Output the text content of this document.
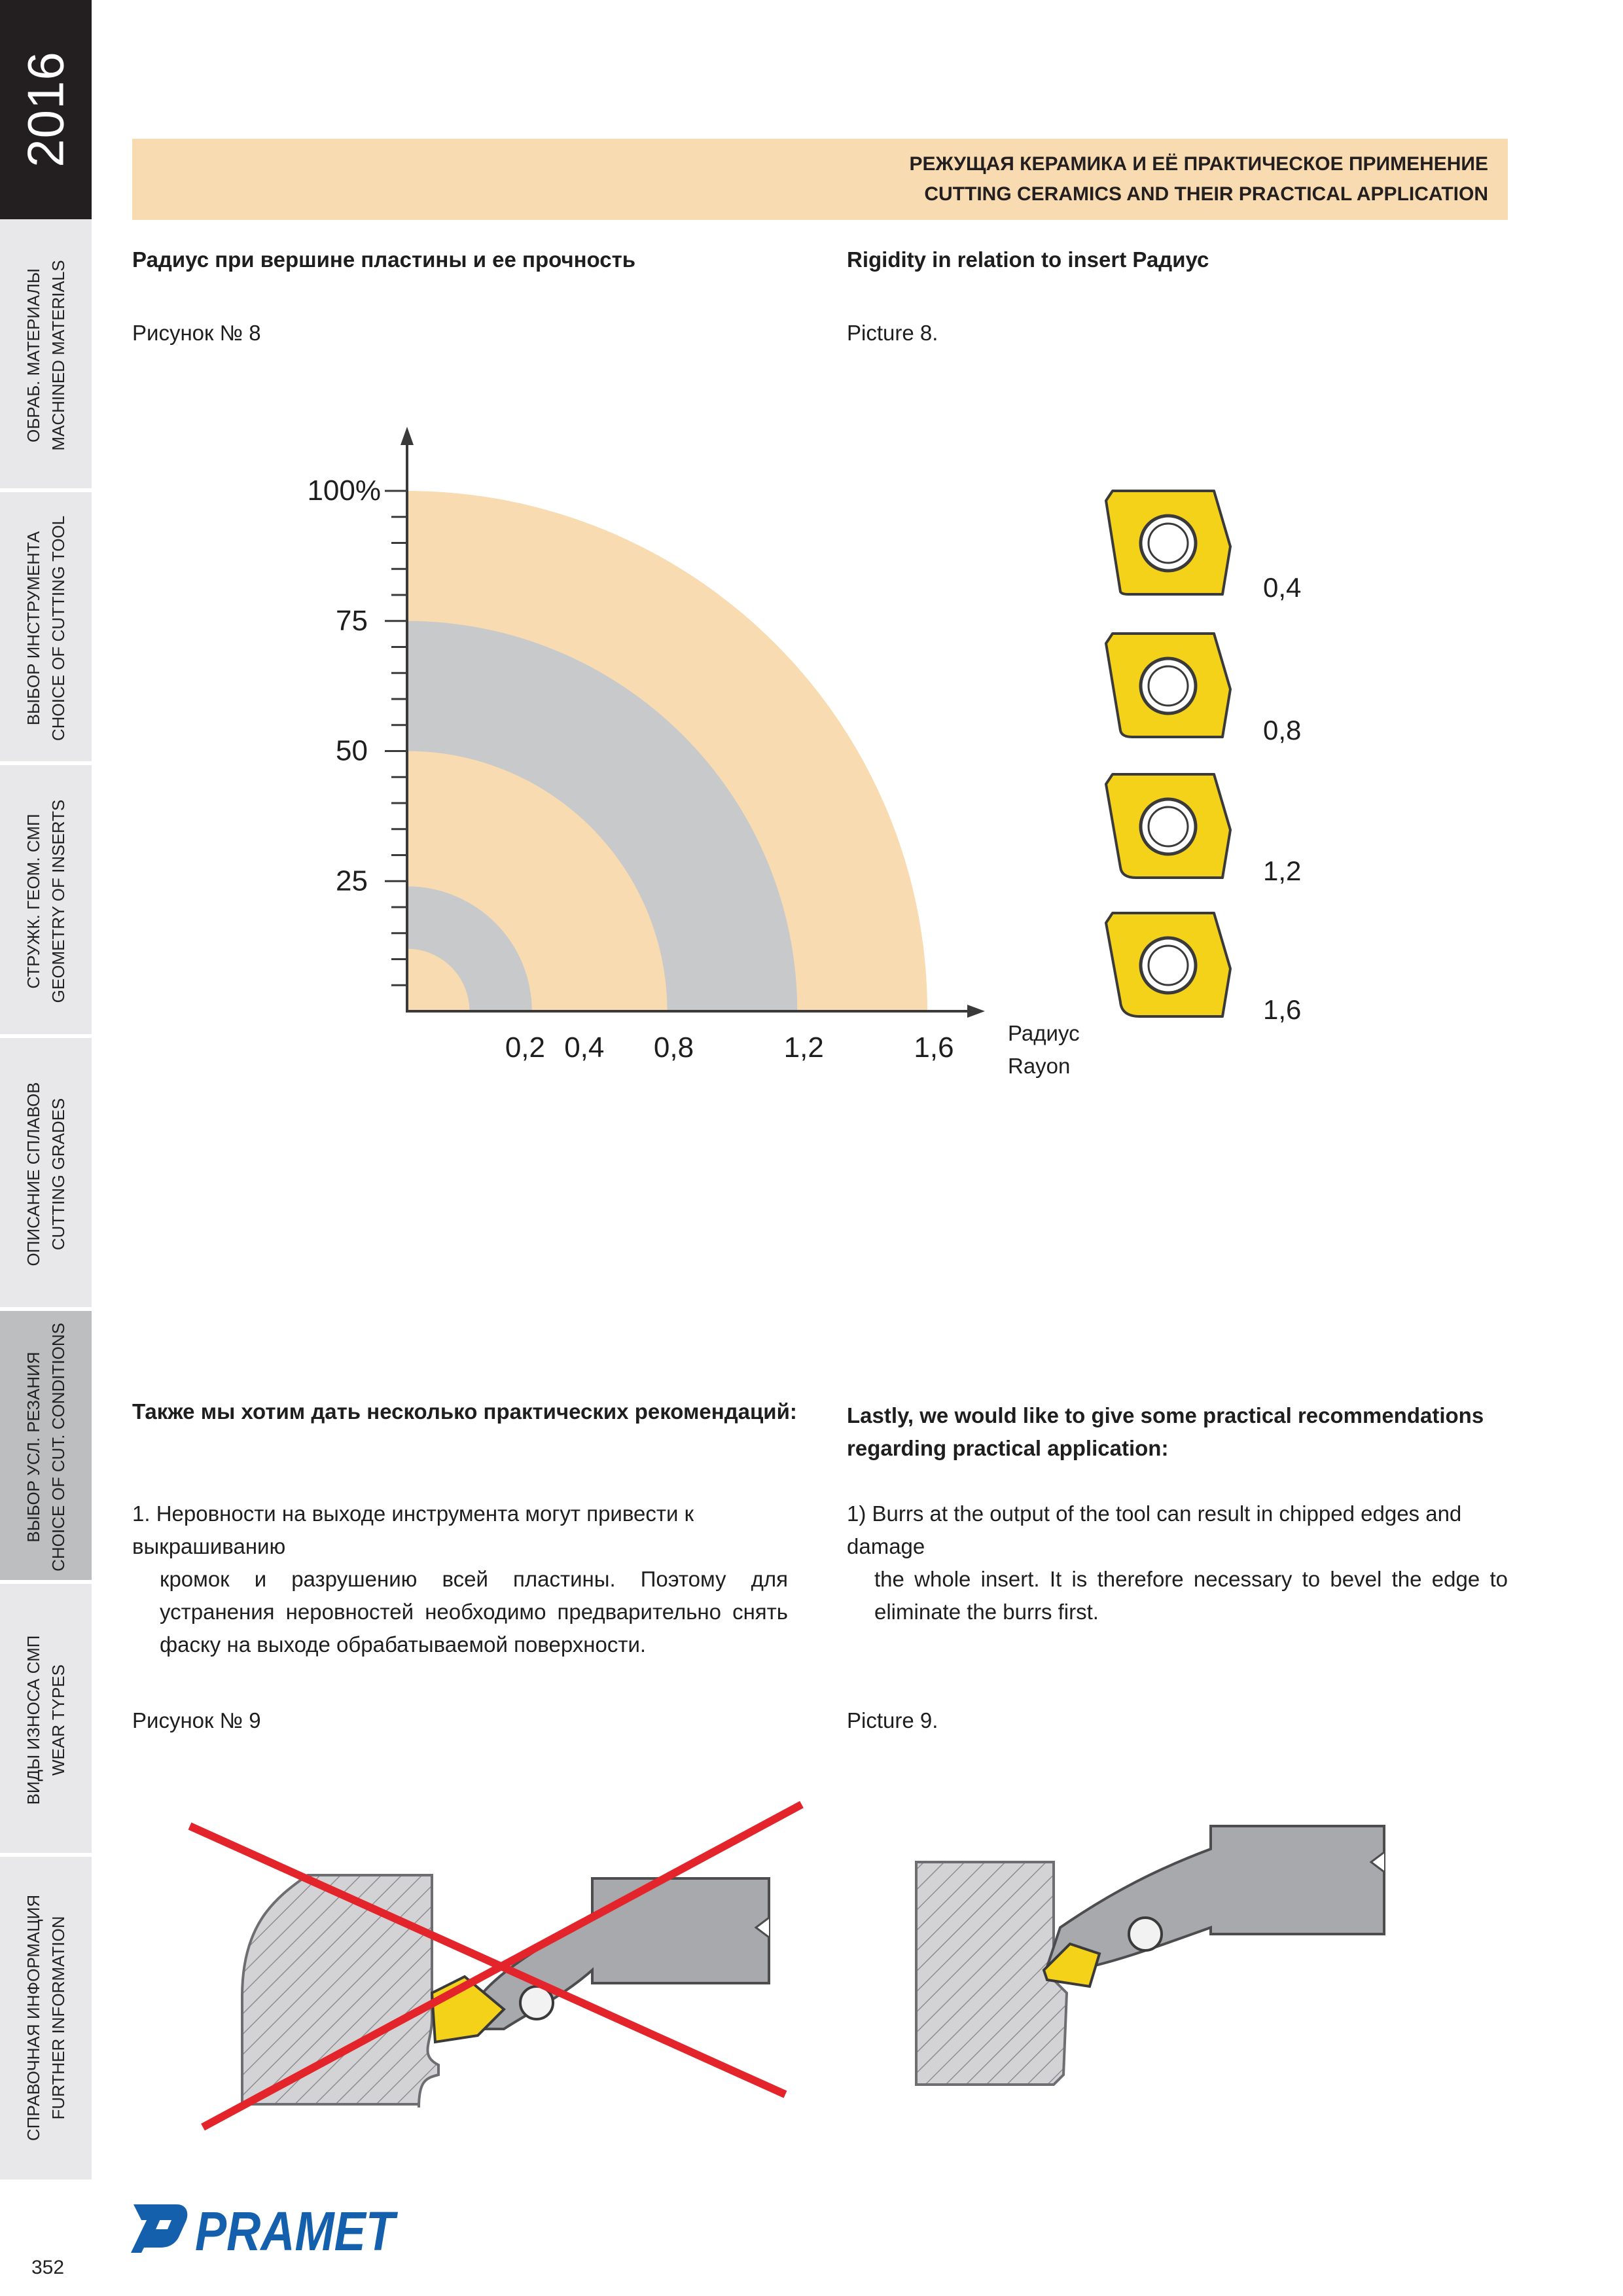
2016
ОБРАБ. МАТЕРИАЛЫ MACHINED MATERIALS
ВЫБОР ИНСТРУМЕНТА CHOICE OF CUTTING TOOL
СТРУЖК. ГЕОМ. СМП GEOMETRY OF INSERTS
ОПИСАНИЕ СПЛАВОВ CUTTING GRADES
ВЫБОР УСЛ. РЕЗАНИЯ CHOICE OF CUT. CONDITIONS
ВИДЫ ИЗНОСА СМП WEAR TYPES
СПРАВОЧНАЯ ИНФОРМАЦИЯ FURTHER INFORMATION
352
РЕЖУЩАЯ КЕРАМИКА И ЕЁ ПРАКТИЧЕСКОЕ ПРИМЕНЕНИЕ
CUTTING CERAMICS AND THEIR PRACTICAL APPLICATION
Радиус при вершине пластины и ее прочность	Rigidity in relation to insert Радиус
Рисунок № 8	Picture 8.
100%
75
50
25
0,2 0,4 0,8	1,2	1,6 Радиус
Rayon
0,4
0,8
1,2
1,6
Также мы хотим дать несколько практических рекомендаций: Lastly, we would like to give some practical recommendations regarding practical application:
1. Неровности на выходе инструмента могут привести к выкрашиванию
кромок и разрушению всей пластины. Поэтому для устранения неровностей необходимо предварительно снять фаску на выходе обрабатываемой поверхности.
1) Burrs at the output of the tool can result in chipped edges and damage
the whole insert. It is therefore necessary to bevel the edge to eliminate the burrs first.
Рисунок № 9	Picture 9.
PRAMET
